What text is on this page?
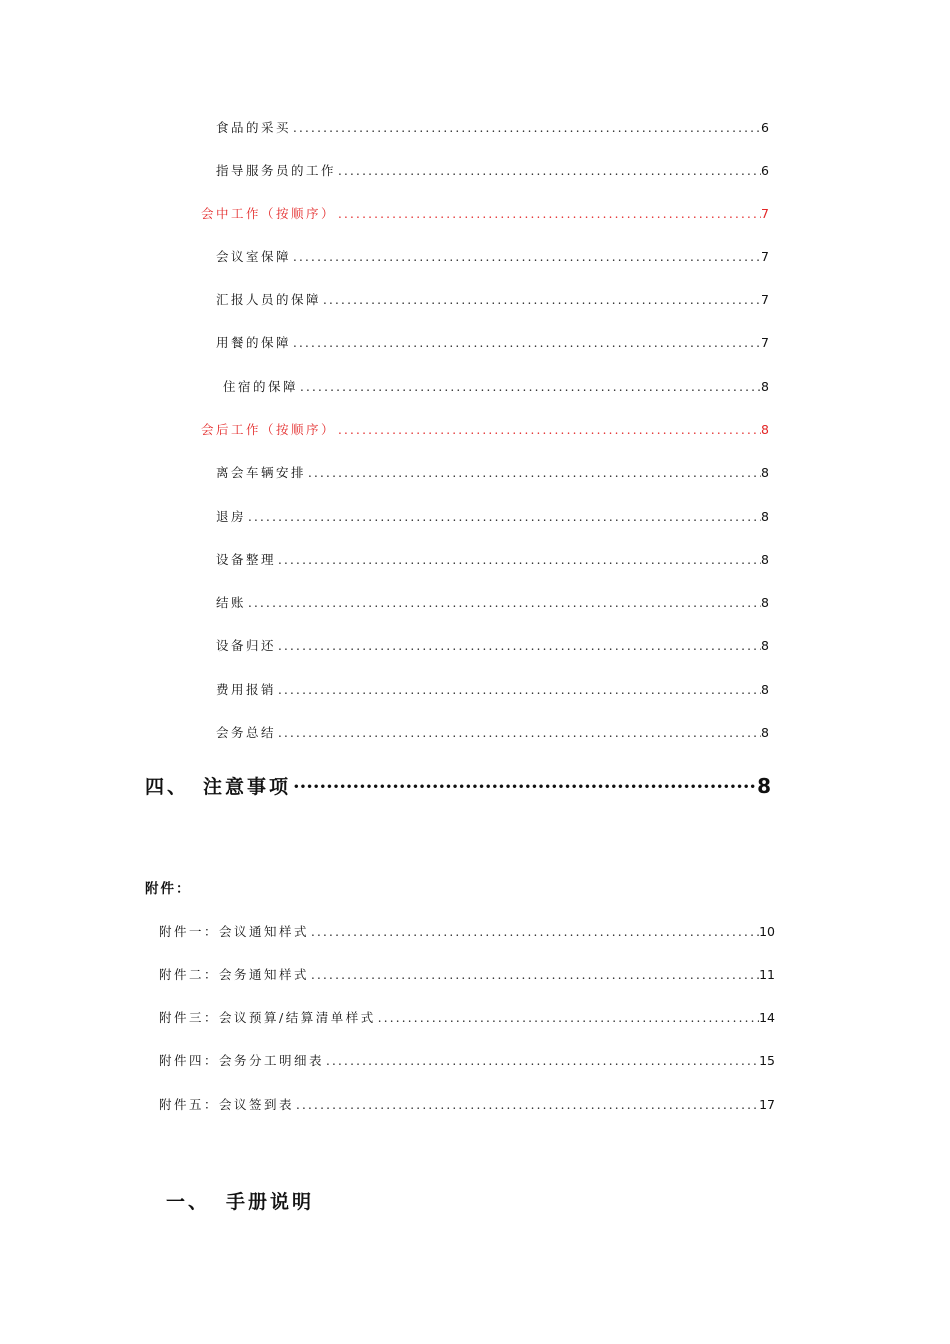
食品的采买 .....	6
指导服务员的工作 .....	6
会中工作（按顺序） .....	7
会议室保障 .....	7
汇报人员的保障 .....	7
用餐的保障 .....	7
住宿的保障 .....	8
会后工作（按顺序） .....	8
离会车辆安排 .....	8
退房 .....	8
设备整理 .....	8
结账 .....	8
设备归还 .....	8
费用报销 .....	8
会务总结 .....	8
四、 注意事项 ·····	8
附件：
附件一：会议通知样式 .....	10
附件二：会务通知样式 .....	11
附件三：会议预算/结算清单样式 .....	14
附件四：会务分工明细表 .....	15
附件五：会议签到表 .....	17
一、 手册说明
